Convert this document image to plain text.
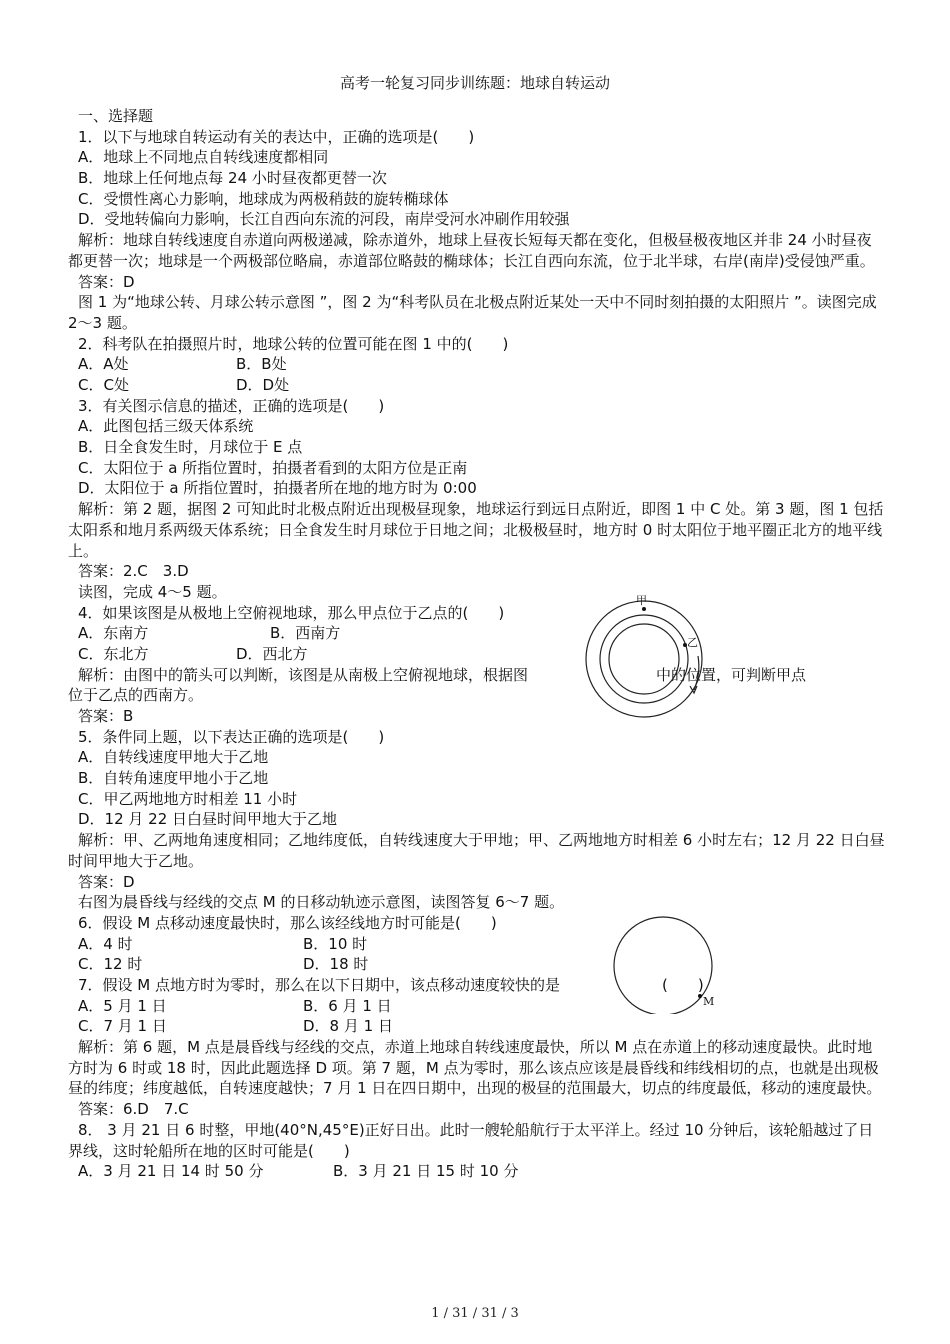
高考一轮复习同步训练题：地球自转运动
一、选择题
1．以下与地球自转运动有关的表达中，正确的选项是(　　)
A．地球上不同地点自转线速度都相同
B．地球上任何地点每 24 小时昼夜都更替一次
C．受惯性离心力影响，地球成为两极稍鼓的旋转椭球体
D．受地转偏向力影响，长江自西向东流的河段，南岸受河水冲刷作用较强
解析：地球自转线速度自赤道向两极递减，除赤道外，地球上昼夜长短每天都在变化，但极昼极夜地区并非 24 小时昼夜都更替一次；地球是一个两极部位略扁，赤道部位略鼓的椭球体；长江自西向东流，位于北半球，右岸(南岸)受侵蚀严重。
答案：D
图 1 为“地球公转、月球公转示意图 ”，图 2 为“科考队员在北极点附近某处一天中不同时刻拍摄的太阳照片 ”。读图完成 2～3 题。
2．科考队在拍摄照片时，地球公转的位置可能在图 1 中的(　　)
A．A处	B．B处
C．C处	D．D处
3．有关图示信息的描述，正确的选项是(　　)
A．此图包括三级天体系统
B．日全食发生时，月球位于 E 点
C．太阳位于 a 所指位置时，拍摄者看到的太阳方位是正南
D．太阳位于 a 所指位置时，拍摄者所在地的地方时为 0:00
解析：第 2 题，据图 2 可知此时北极点附近出现极昼现象，地球运行到远日点附近，即图 1 中 C 处。第 3 题，图 1 包括太阳系和地月系两级天体系统；日全食发生时月球位于日地之间；北极极昼时，地方时 0 时太阳位于地平圈正北方的地平线上。
答案：2.C　3.D
读图，完成 4～5 题。
4．如果该图是从极地上空俯视地球，那么甲点位于乙点的(　　)
A．东南方	B．西南方
C．东北方	D．西北方
解析：由图中的箭头可以判断，该图是从南极上空俯视地球，根据图	中的位置，可判断甲点
位于乙点的西南方。
答案：B
5．条件同上题，以下表达正确的选项是(　　)
A．自转线速度甲地大于乙地
B．自转角速度甲地小于乙地
C．甲乙两地地方时相差 11 小时
D．12 月 22 日白昼时间甲地大于乙地
解析：甲、乙两地角速度相同；乙地纬度低，自转线速度大于甲地；甲、乙两地地方时相差 6 小时左右；12 月 22 日白昼时间甲地大于乙地。
答案：D
右图为晨昏线与经线的交点 M 的日移动轨迹示意图，读图答复 6～7 题。
6．假设 M 点移动速度最快时，那么该经线地方时可能是(　　)
A．4 时	B．10 时
C．12 时	D．18 时
7．假设 M 点地方时为零时，那么在以下日期中，该点移动速度较快的是	(　　)
A．5 月 1 日	B．6 月 1 日
C．7 月 1 日	D．8 月 1 日
解析：第 6 题，M 点是晨昏线与经线的交点，赤道上地球自转线速度最快，所以 M 点在赤道上的移动速度最快。此时地方时为 6 时或 18 时，因此此题选择 D 项。第 7 题，M 点为零时，那么该点应该是晨昏线和纬线相切的点，也就是出现极昼的纬度；纬度越低，自转速度越快；7 月 1 日在四日期中，出现的极昼的范围最大，切点的纬度最低，移动的速度最快。
答案：6.D　7.C
8． 3 月 21 日 6 时整，甲地(40°N,45°E)正好日出。此时一艘轮船航行于太平洋上。经过 10 分钟后，该轮船越过了日界线，这时轮船所在地的区时可能是(　　)
A．3 月 21 日 14 时 50 分	B．3 月 21 日 15 时 10 分
甲
乙
M
1 / 31 / 31 / 3
